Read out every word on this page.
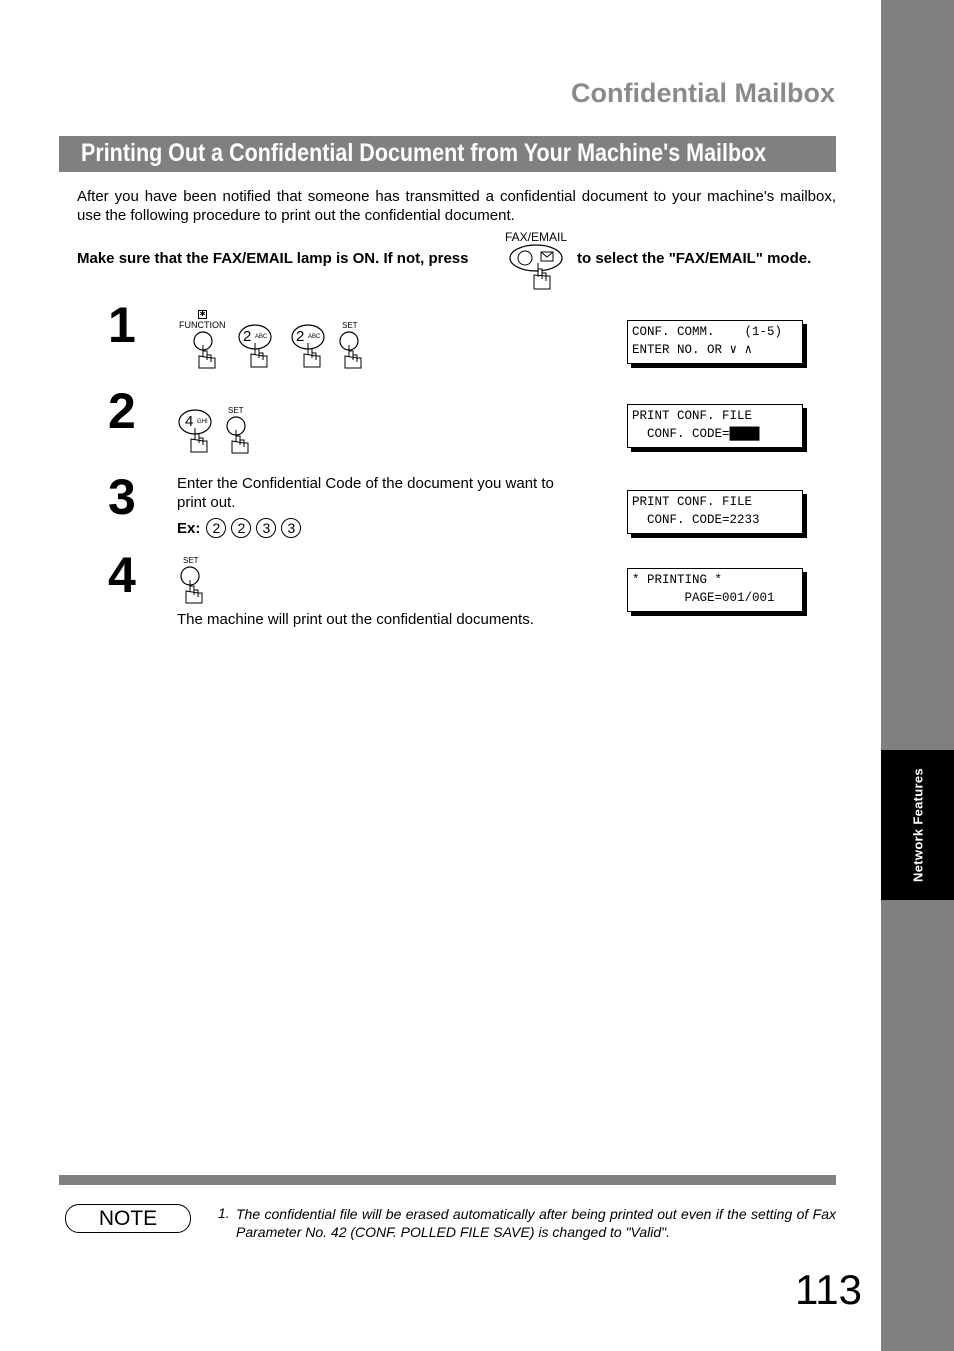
Network Features
Confidential Mailbox
Printing Out a Confidential Document from Your Machine's Mailbox
After you have been notified that someone has transmitted a confidential document to your machine's mailbox, use the following procedure to print out the confidential document.
Make sure that the FAX/EMAIL lamp is ON. If not, press
FAX/EMAIL
to select the "FAX/EMAIL" mode.
1	✱
FUNCTION
2 ABC 2 ABC
SET	CONF. COMM.    (1-5)
ENTER NO. OR ∨ ∧
2	4 GHI
SET	PRINT CONF. FILE
CONF. CODE=████
3	Enter the Confidential Code of the document you want to print out.
Ex: 2	2	3	3
PRINT CONF. FILE
CONF. CODE=2233
4	SET
The machine will print out the confidential documents.
* PRINTING *
PAGE=001/001
NOTE	1. The confidential file will be erased automatically after being printed out even if the setting of Fax Parameter No. 42 (CONF. POLLED FILE SAVE) is changed to "Valid".
113
